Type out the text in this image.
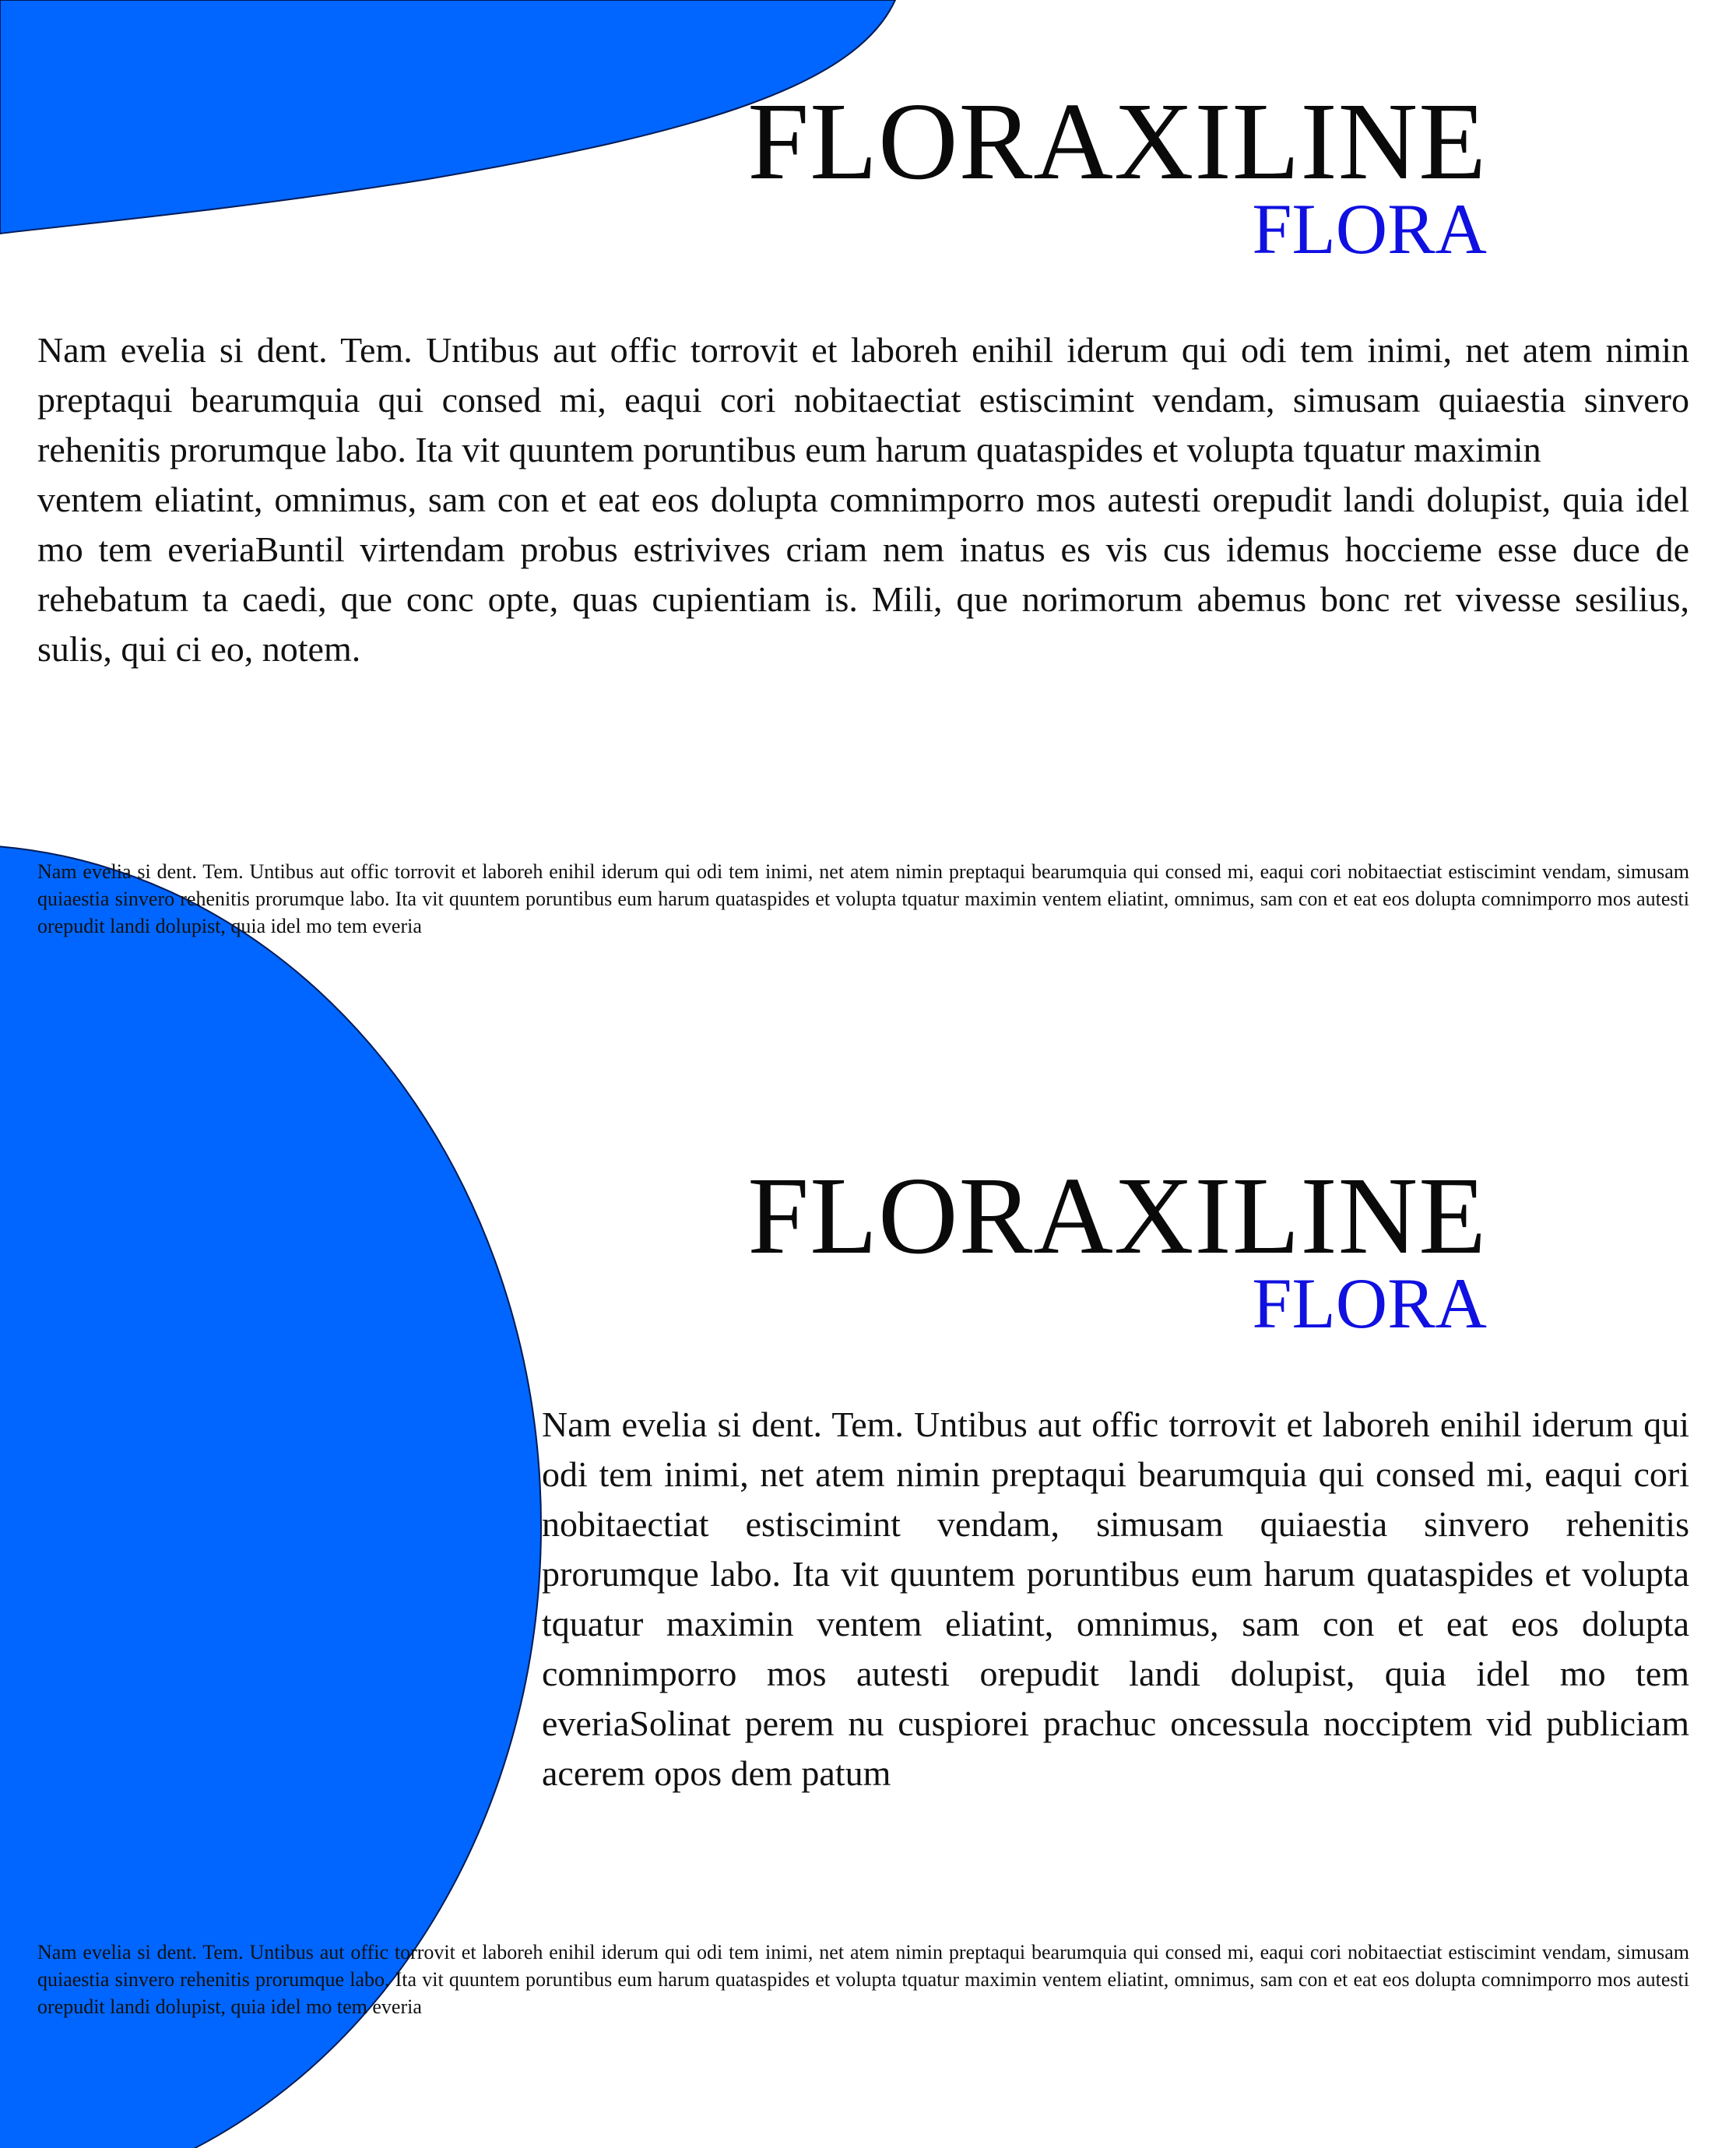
FLORAXILINE
FLORA

Nam evelia si dent. Tem. Untibus aut offic torrovit et laboreh enihil iderum qui odi tem inimi, net atem nimin preptaqui bearumquia qui consed mi, eaqui cori nobitaectiat estiscimint vendam, simusam quiaestia sinvero rehenitis prorumque labo. Ita vit quuntem poruntibus eum harum quataspides et volupta tquatur maximin
ventem eliatint, omnimus, sam con et eat eos dolupta comnimporro mos autesti orepudit landi dolupist, quia idel mo tem everiaBuntil virtendam probus estrivives criam nem inatus es vis cus idemus hoccieme esse duce de rehebatum ta caedi, que conc opte, quas cupientiam is. Mili, que norimorum abemus bonc ret vivesse sesilius, sulis, qui ci eo, notem.

Nam evelia si dent. Tem. Untibus aut offic torrovit et laboreh enihil iderum qui odi tem inimi, net atem nimin preptaqui bearumquia qui consed mi, eaqui cori nobitaectiat estiscimint vendam, simusam quiaestia sinvero rehenitis prorumque labo. Ita vit quuntem poruntibus eum harum quataspides et volupta tquatur maximin ventem eliatint, omnimus, sam con et eat eos dolupta comnimporro mos autesti orepudit landi dolupist, quia idel mo tem everia

FLORAXILINE
FLORA

Nam evelia si dent. Tem. Untibus aut offic torrovit et laboreh enihil iderum qui odi tem inimi, net atem nimin preptaqui bearumquia qui consed mi, eaqui cori nobitaectiat estiscimint vendam, simusam quiaestia sinvero rehenitis prorumque labo. Ita vit quuntem poruntibus eum harum quataspides et volupta tquatur maximin ventem eliatint, omnimus, sam con et eat eos dolupta comnimporro mos autesti orepudit landi dolupist, quia idel mo tem everiaSolinat perem nu cuspiorei prachuc oncessula nocciptem vid publiciam acerem opos dem patum

Nam evelia si dent. Tem. Untibus aut offic torrovit et laboreh enihil iderum qui odi tem inimi, net atem nimin preptaqui bearumquia qui consed mi, eaqui cori nobitaectiat estiscimint vendam, simusam quiaestia sinvero rehenitis prorumque labo. Ita vit quuntem poruntibus eum harum quataspides et volupta tquatur maximin ventem eliatint, omnimus, sam con et eat eos dolupta comnimporro mos autesti orepudit landi dolupist, quia idel mo tem everia
